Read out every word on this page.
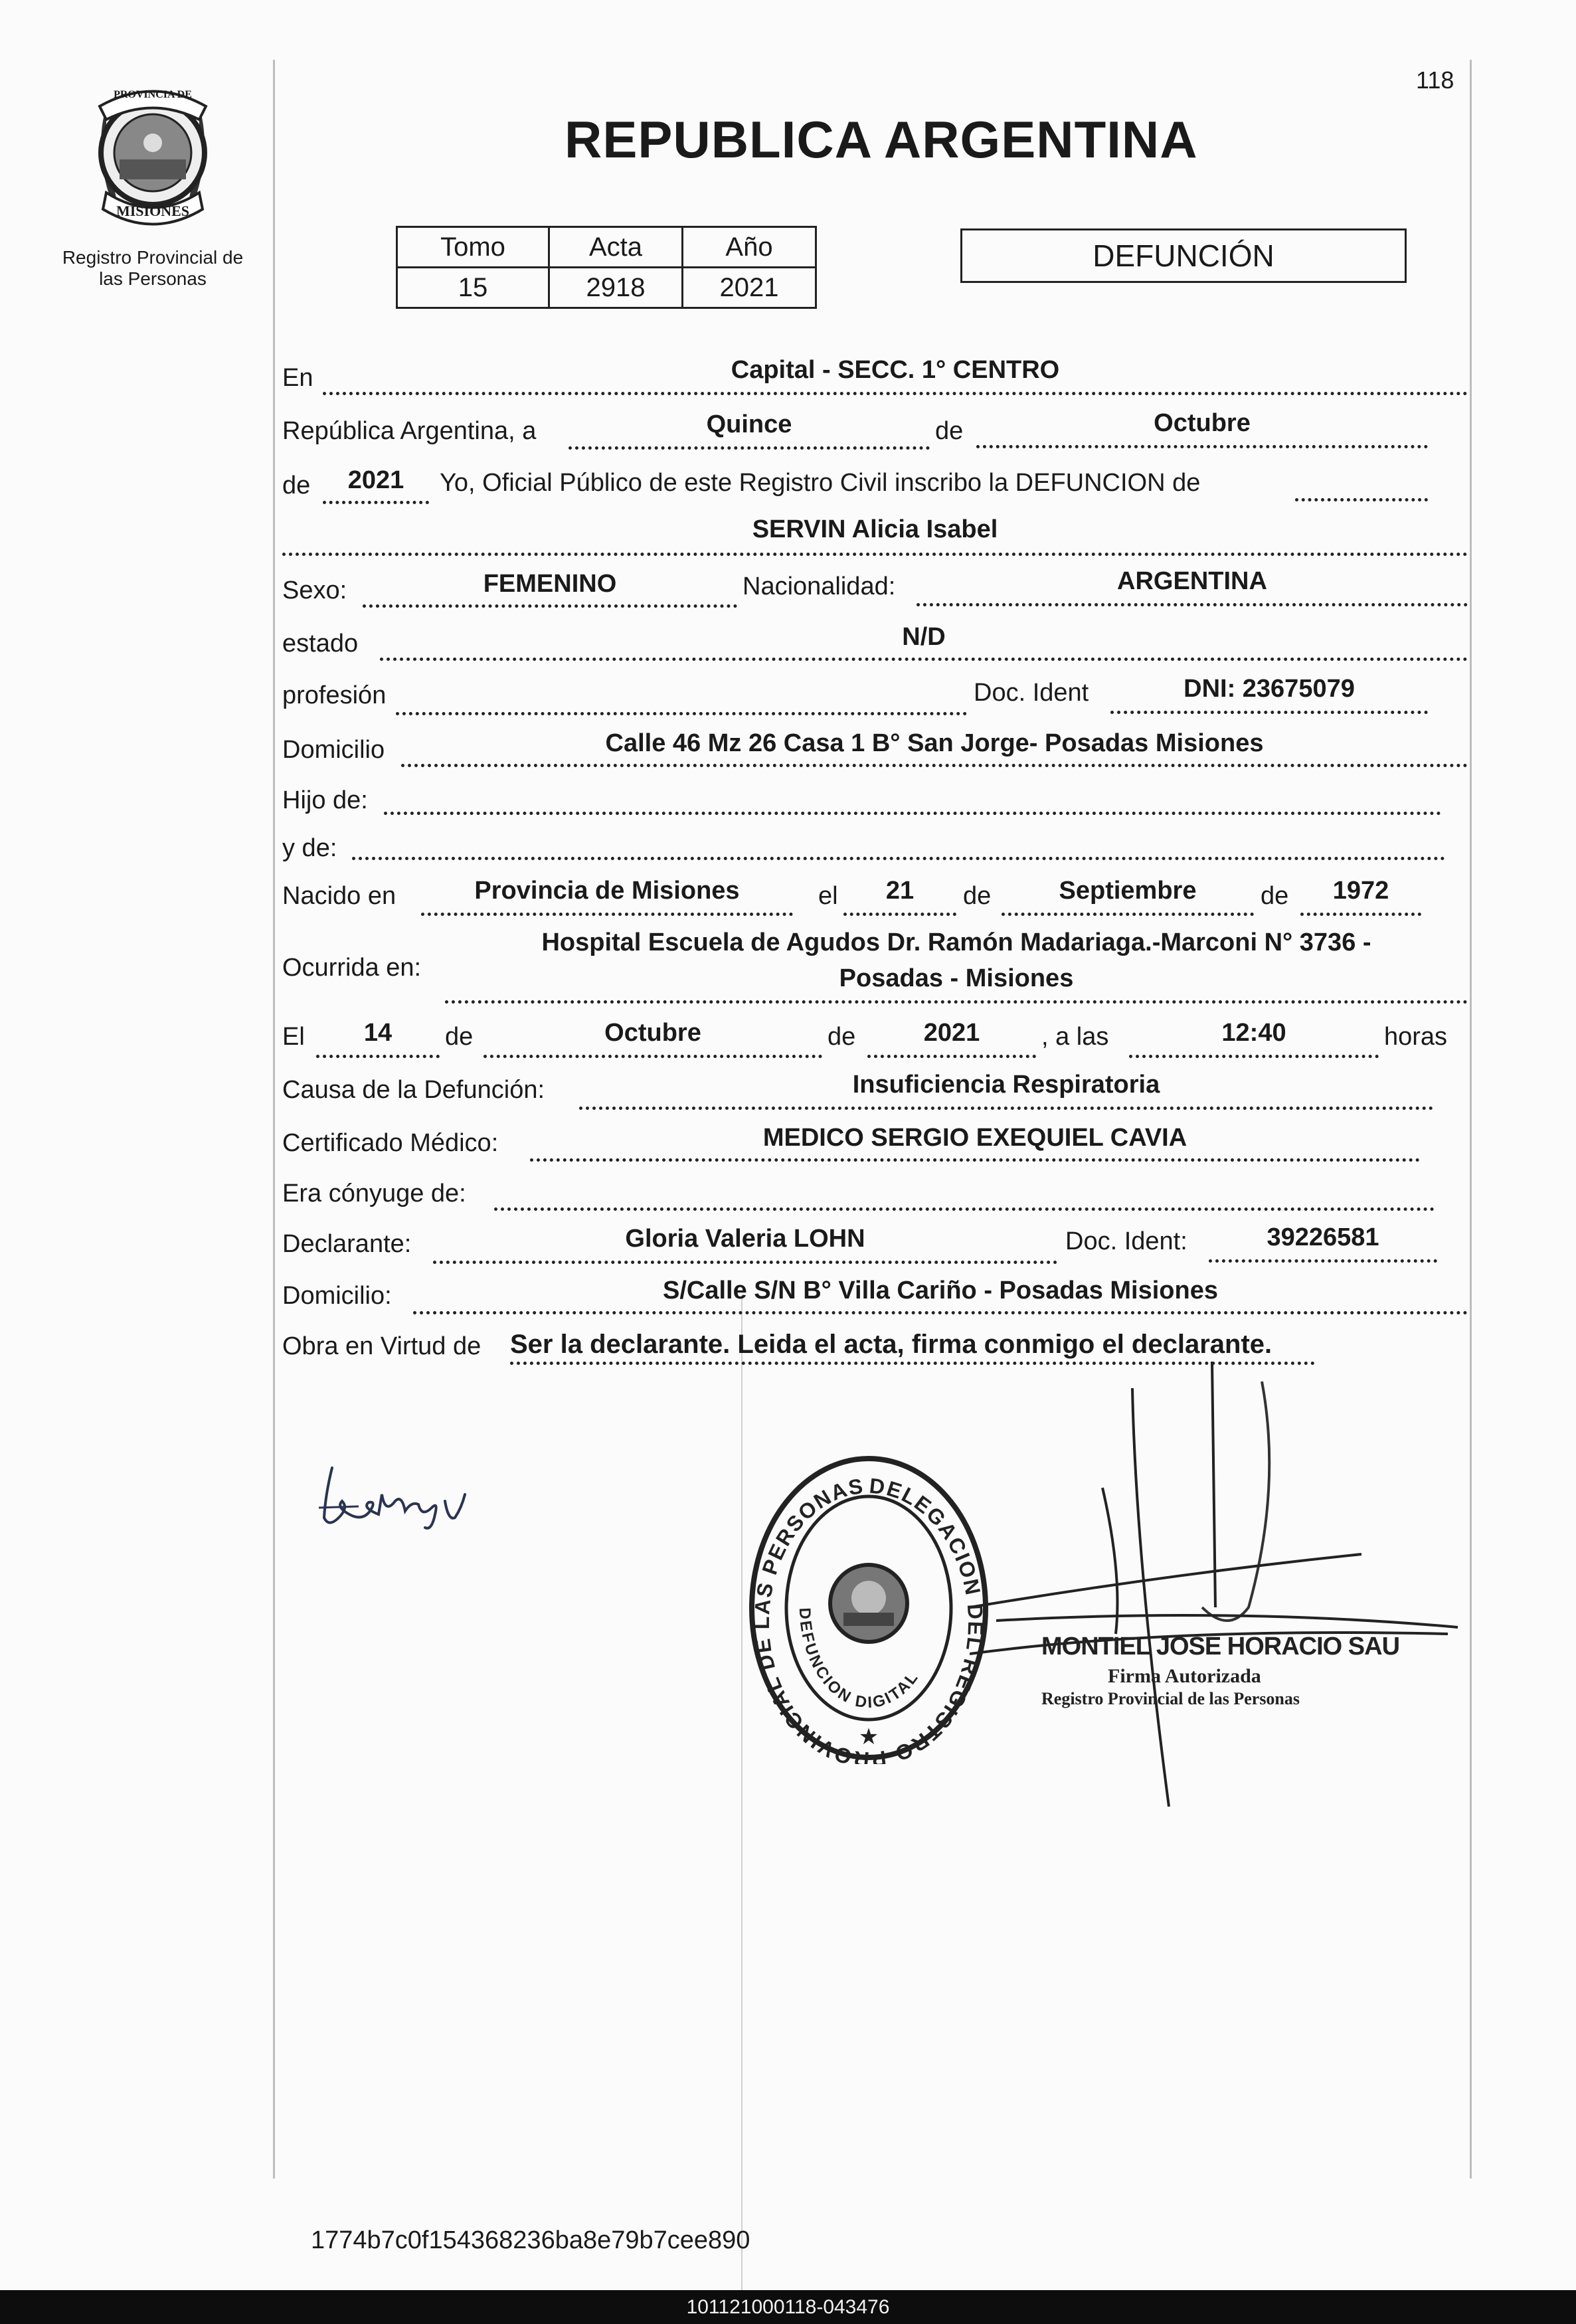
118
PROVINCIA DE
MISIONES
Registro Provincial de
las Personas
REPUBLICA ARGENTINA
Tomo	Acta	Año
15	2918	2021
DEFUNCIÓN
En	Capital - SECC. 1° CENTRO
República Argentina, a	Quince	de	Octubre
de	2021	Yo, Oficial Público de este Registro Civil inscribo la DEFUNCION de
SERVIN Alicia Isabel
Sexo:	FEMENINO	Nacionalidad:	ARGENTINA
estado	N/D
profesión	Doc. Ident	DNI: 23675079
Domicilio	Calle 46 Mz 26 Casa 1 B° San Jorge- Posadas Misiones
Hijo de:
y de:
Nacido en	Provincia de Misiones	el	21	de	Septiembre	de	1972
Ocurrida en:
Hospital Escuela de Agudos Dr. Ramón Madariaga.-Marconi N° 3736 -
Posadas - Misiones
El	14	de	Octubre	de	2021	, a las	12:40	horas
Causa de la Defunción:	Insuficiencia Respiratoria
Certificado Médico:	MEDICO SERGIO EXEQUIEL CAVIA
Era cónyuge de:
Declarante:	Gloria Valeria LOHN	Doc. Ident:	39226581
Domicilio:	S/Calle S/N B° Villa Cariño - Posadas Misiones
Obra en Virtud de Ser la declarante. Leida el acta, firma conmigo el declarante.
DELEGACION DEL REGISTRO PROVINCIAL DE LAS PERSONAS
DEFUNCION DIGITAL
★
MONTIEL JOSE HORACIO SAU
Firma Autorizada
Registro Provincial de las Personas
1774b7c0f154368236ba8e79b7cee890
101121000118-043476
